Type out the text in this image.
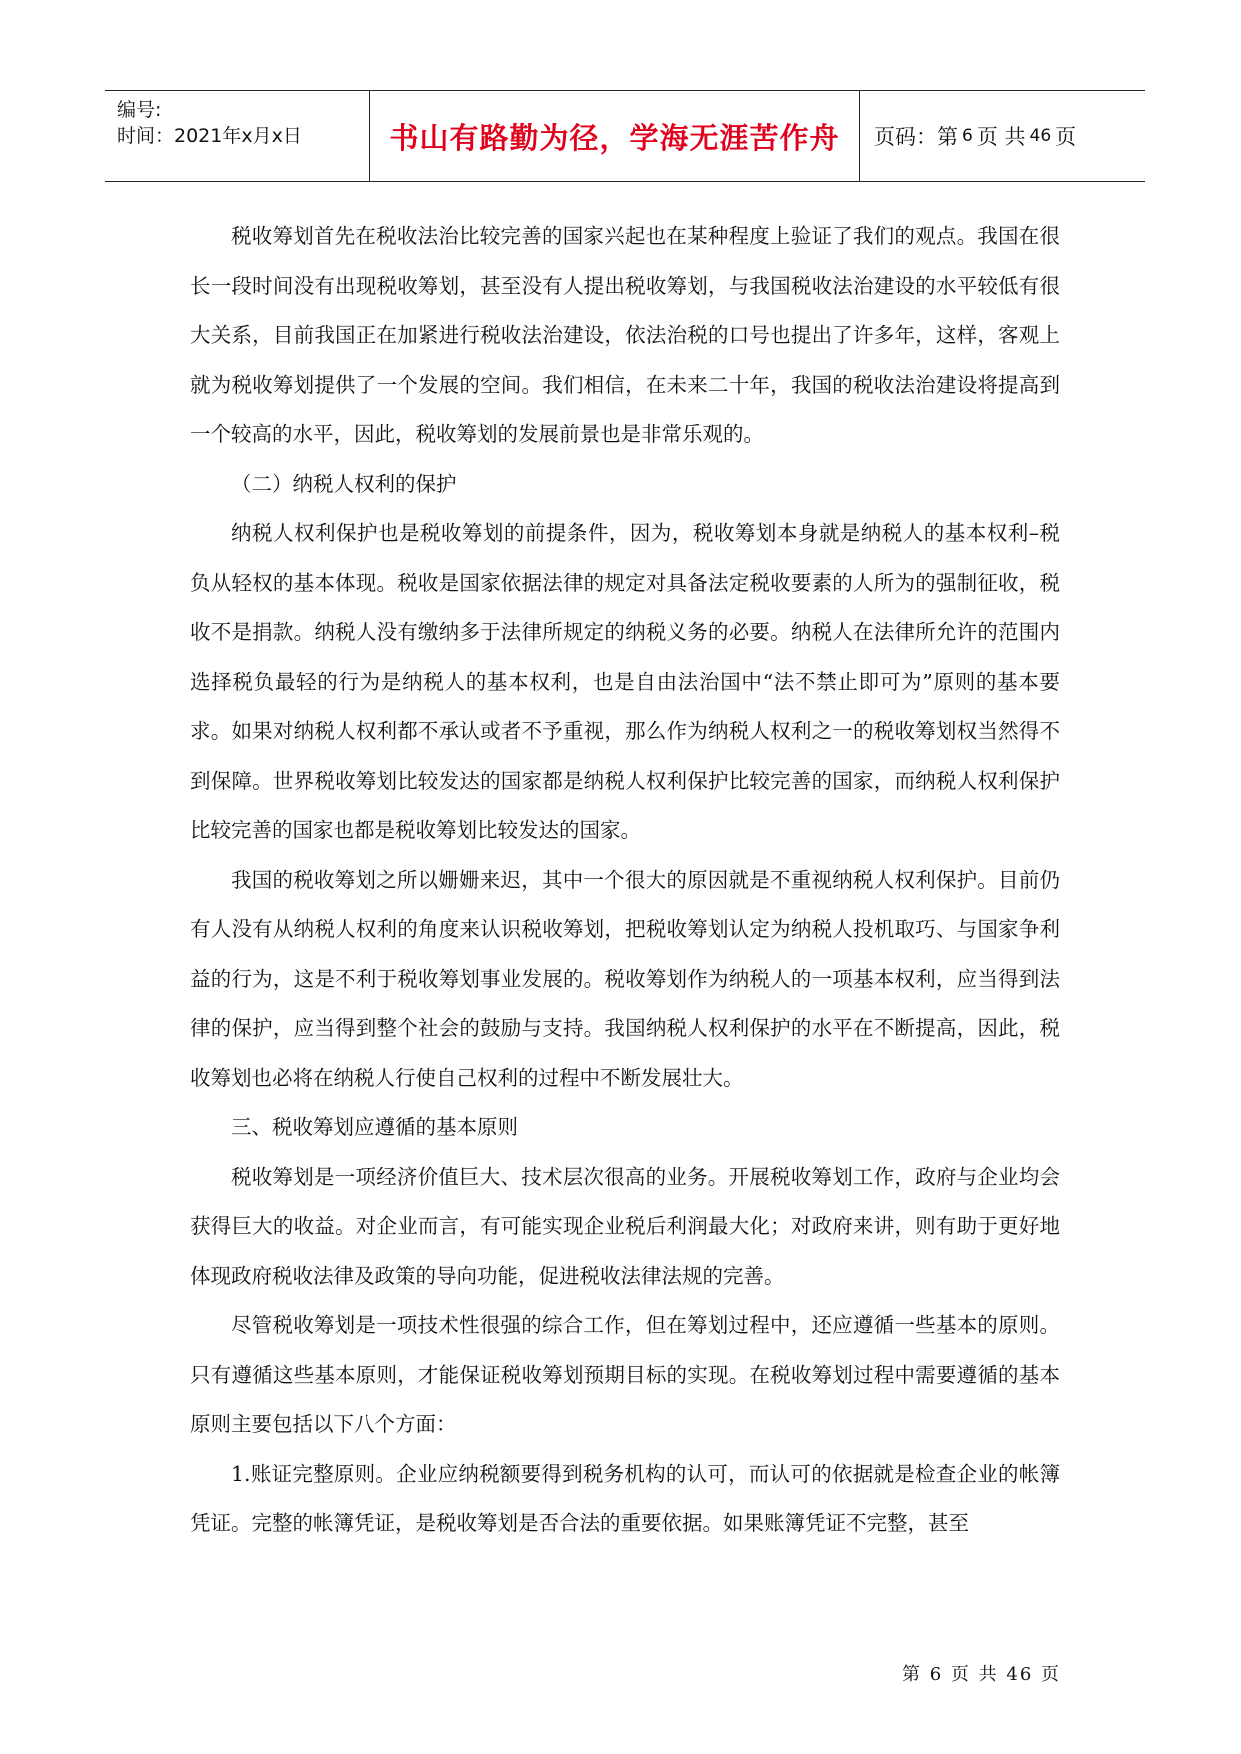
编号:
时间：2021年x月x日	书山有路勤为径，学海无涯苦作舟 页码：第 6 页 共 46 页

税收筹划首先在税收法治比较完善的国家兴起也在某种程度上验证了我们的观点。我国在很长一段时间没有出现税收筹划，甚至没有人提出税收筹划，与我国税收法治建设的水平较低有很大关系，目前我国正在加紧进行税收法治建设，依法治税的口号也提出了许多年，这样，客观上就为税收筹划提供了一个发展的空间。我们相信，在未来二十年，我国的税收法治建设将提高到一个较高的水平，因此，税收筹划的发展前景也是非常乐观的。

（二）纳税人权利的保护

纳税人权利保护也是税收筹划的前提条件，因为，税收筹划本身就是纳税人的基本权利–税负从轻权的基本体现。税收是国家依据法律的规定对具备法定税收要素的人所为的强制征收，税收不是捐款。纳税人没有缴纳多于法律所规定的纳税义务的必要。纳税人在法律所允许的范围内选择税负最轻的行为是纳税人的基本权利，也是自由法治国中“法不禁止即可为”原则的基本要求。如果对纳税人权利都不承认或者不予重视，那么作为纳税人权利之一的税收筹划权当然得不到保障。世界税收筹划比较发达的国家都是纳税人权利保护比较完善的国家，而纳税人权利保护比较完善的国家也都是税收筹划比较发达的国家。

我国的税收筹划之所以姗姗来迟，其中一个很大的原因就是不重视纳税人权利保护。目前仍有人没有从纳税人权利的角度来认识税收筹划，把税收筹划认定为纳税人投机取巧、与国家争利益的行为，这是不利于税收筹划事业发展的。税收筹划作为纳税人的一项基本权利，应当得到法律的保护，应当得到整个社会的鼓励与支持。我国纳税人权利保护的水平在不断提高，因此，税收筹划也必将在纳税人行使自己权利的过程中不断发展壮大。

三、税收筹划应遵循的基本原则

税收筹划是一项经济价值巨大、技术层次很高的业务。开展税收筹划工作，政府与企业均会获得巨大的收益。对企业而言，有可能实现企业税后利润最大化；对政府来讲，则有助于更好地体现政府税收法律及政策的导向功能，促进税收法律法规的完善。

尽管税收筹划是一项技术性很强的综合工作，但在筹划过程中，还应遵循一些基本的原则。只有遵循这些基本原则，才能保证税收筹划预期目标的实现。在税收筹划过程中需要遵循的基本原则主要包括以下八个方面：

1.账证完整原则。企业应纳税额要得到税务机构的认可，而认可的依据就是检查企业的帐簿凭证。完整的帐簿凭证，是税收筹划是否合法的重要依据。如果账簿凭证不完整，甚至

第 6 页 共 46 页
